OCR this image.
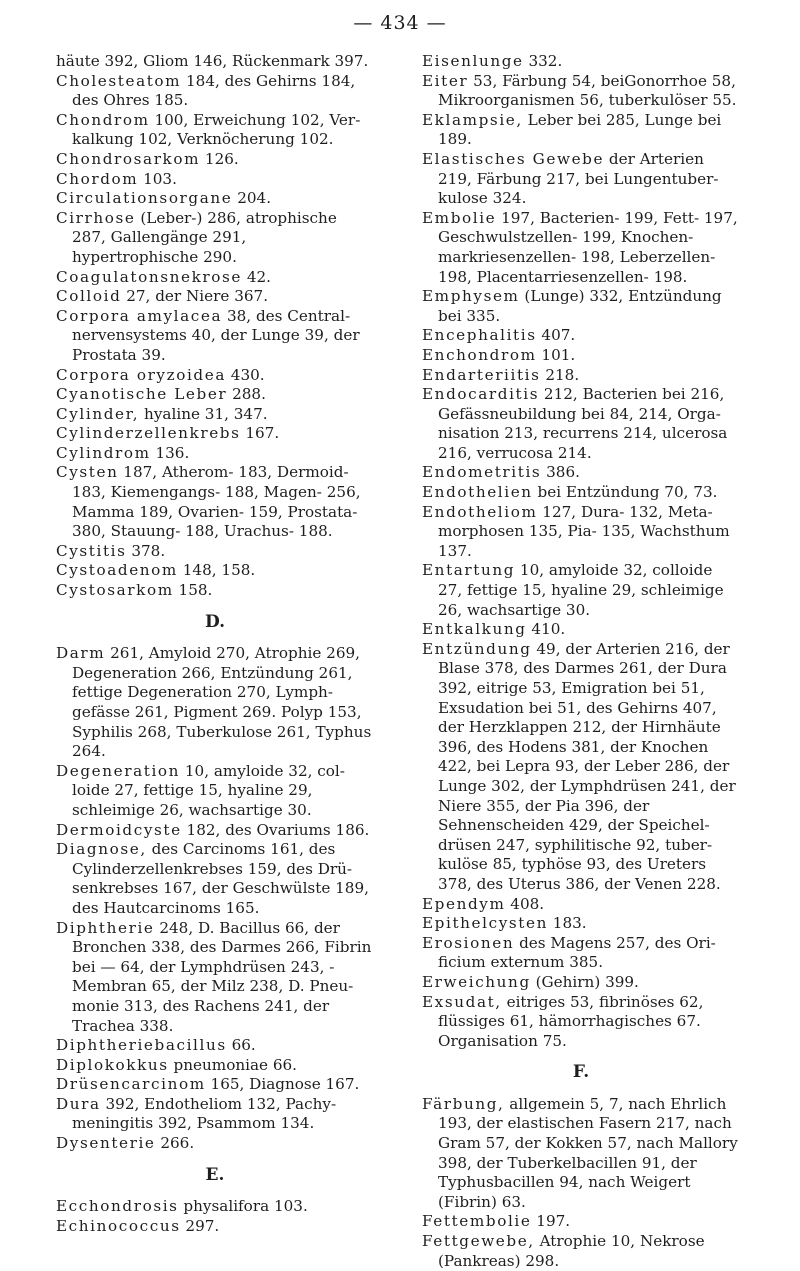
— 434 —

häute 392, Gliom 146, Rückenmark 397.

Cholesteatom 184, des Gehirns 184, des Ohres 185.

Chondrom 100, Erweichung 102, Verkalkung 102, Verknöcherung 102.

Chondrosarkom 126.

Chordom 103.

Circulationsorgane 204.

Cirrhose (Leber-) 286, atrophische 287, Gallengänge 291, hypertrophische 290.

Coagulatonsnekrose 42.

Colloid 27, der Niere 367.

Corpora amylacea 38, des Centralnervensystems 40, der Lunge 39, der Prostata 39.

Corpora oryzoidea 430.

Cyanotische Leber 288.

Cylinder, hyaline 31, 347.

Cylinderzellenkrebs 167.

Cylindrom 136.

Cysten 187, Atherom- 183, Dermoid- 183, Kiemengangs- 188, Magen- 256, Mamma 189, Ovarien- 159, Prostata- 380, Stauung- 188, Urachus- 188.

Cystitis 378.

Cystoadenom 148, 158.

Cystosarkom 158.

D.

Darm 261, Amyloid 270, Atrophie 269, Degeneration 266, Entzündung 261, fettige Degeneration 270, Lymphgefässe 261, Pigment 269. Polyp 153, Syphilis 268, Tuberkulose 261, Typhus 264.

Degeneration 10, amyloide 32, colloide 27, fettige 15, hyaline 29, schleimige 26, wachsartige 30.

Dermoidcyste 182, des Ovariums 186.

Diagnose, des Carcinoms 161, des Cylinderzellenkrebses 159, des Drüsenkrebses 167, der Geschwülste 189, des Hautcarcinoms 165.

Diphtherie 248, D. Bacillus 66, der Bronchen 338, des Darmes 266, Fibrin bei — 64, der Lymphdrüsen 243, -Membran 65, der Milz 238, D. Pneumonie 313, des Rachens 241, der Trachea 338.

Diphtheriebacillus 66.

Diplokokkus pneumoniae 66.

Drüsencarcinom 165, Diagnose 167.

Dura 392, Endotheliom 132, Pachymeningitis 392, Psammom 134.

Dysenterie 266.

E.

Ecchondrosis physalifora 103.

Echinococcus 297.

Eisenlunge 332.

Eiter 53, Färbung 54, beiGonorrhoe 58, Mikroorganismen 56, tuberkulöser 55.

Eklampsie, Leber bei 285, Lunge bei 189.

Elastisches Gewebe der Arterien 219, Färbung 217, bei Lungentuberkulose 324.

Embolie 197, Bacterien- 199, Fett- 197, Geschwulstzellen- 199, Knochenmarkriesenzellen- 198, Leberzellen- 198, Placentarriesenzellen- 198.

Emphysem (Lunge) 332, Entzündung bei 335.

Encephalitis 407.

Enchondrom 101.

Endarteriitis 218.

Endocarditis 212, Bacterien bei 216, Gefässneubildung bei 84, 214, Organisation 213, recurrens 214, ulcerosa 216, verrucosa 214.

Endometritis 386.

Endothelien bei Entzündung 70, 73.

Endotheliom 127, Dura- 132, Metamorphosen 135, Pia- 135, Wachsthum 137.

Entartung 10, amyloide 32, colloide 27, fettige 15, hyaline 29, schleimige 26, wachsartige 30.

Entkalkung 410.

Entzündung 49, der Arterien 216, der Blase 378, des Darmes 261, der Dura 392, eitrige 53, Emigration bei 51, Exsudation bei 51, des Gehirns 407, der Herzklappen 212, der Hirnhäute 396, des Hodens 381, der Knochen 422, bei Lepra 93, der Leber 286, der Lunge 302, der Lymphdrüsen 241, der Niere 355, der Pia 396, der Sehnenscheiden 429, der Speicheldrüsen 247, syphilitische 92, tuberkulöse 85, typhöse 93, des Ureters 378, des Uterus 386, der Venen 228.

Ependym 408.

Epithelcysten 183.

Erosionen des Magens 257, des Orificium externum 385.

Erweichung (Gehirn) 399.

Exsudat, eitriges 53, fibrinöses 62, flüssiges 61, hämorrhagisches 67. Organisation 75.

F.

Färbung, allgemein 5, 7, nach Ehrlich 193, der elastischen Fasern 217, nach Gram 57, der Kokken 57, nach Mallory 398, der Tuberkelbacillen 91, der Typhusbacillen 94, nach Weigert (Fibrin) 63.

Fettembolie 197.

Fettgewebe, Atrophie 10, Nekrose (Pankreas) 298.
